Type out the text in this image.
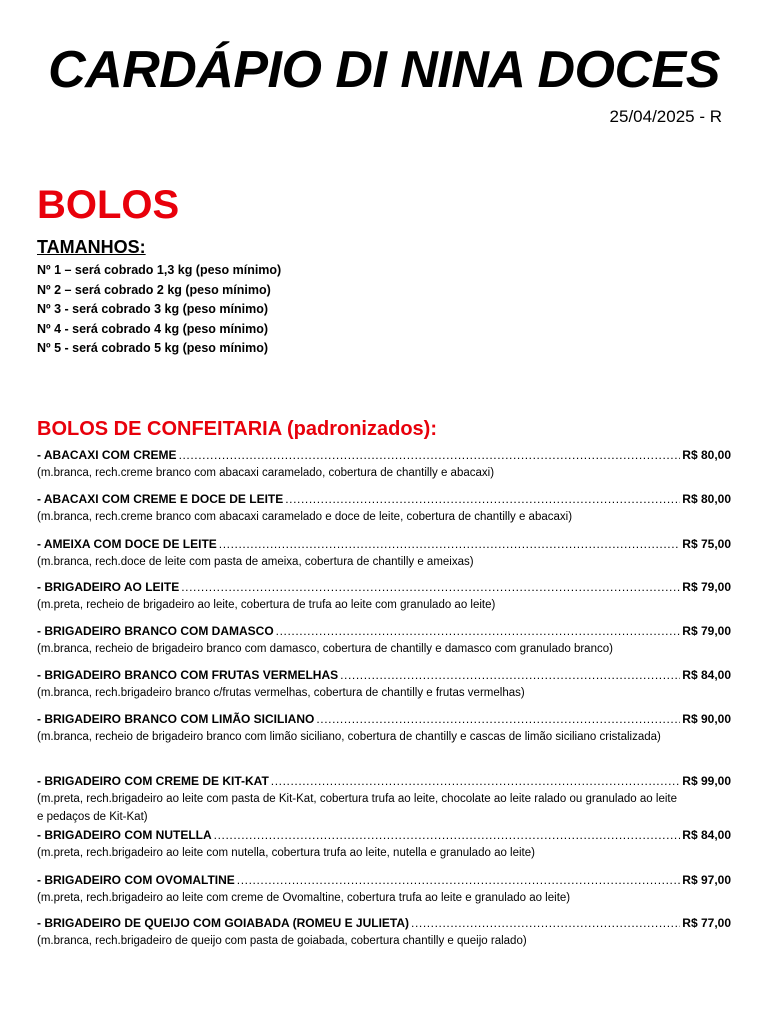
CARDÁPIO DI NINA DOCES
25/04/2025 - R
BOLOS
TAMANHOS:
Nº 1 – será cobrado 1,3 kg (peso mínimo)
Nº 2 – será cobrado 2 kg (peso mínimo)
Nº 3 - será cobrado 3 kg (peso mínimo)
Nº 4 - será cobrado 4 kg (peso mínimo)
Nº 5 - será cobrado 5 kg (peso mínimo)
BOLOS DE CONFEITARIA (padronizados):
- ABACAXI COM CREME .....	R$ 80,00
(m.branca, rech.creme branco com abacaxi caramelado, cobertura de chantilly e abacaxi)
- ABACAXI COM CREME E DOCE DE LEITE .....	R$ 80,00
(m.branca, rech.creme branco com abacaxi caramelado e doce de leite, cobertura de chantilly e abacaxi)
- AMEIXA COM DOCE DE LEITE .....	R$ 75,00
(m.branca, rech.doce de leite com pasta de ameixa, cobertura de chantilly e ameixas)
- BRIGADEIRO AO LEITE .....	R$ 79,00
(m.preta, recheio de brigadeiro ao leite, cobertura de trufa ao leite com granulado ao leite)
- BRIGADEIRO BRANCO COM DAMASCO .....	R$ 79,00
(m.branca, recheio de brigadeiro branco com damasco, cobertura de chantilly e damasco com granulado branco)
- BRIGADEIRO BRANCO COM FRUTAS VERMELHAS .....	R$ 84,00
(m.branca, rech.brigadeiro branco c/frutas vermelhas, cobertura de chantilly e frutas vermelhas)
- BRIGADEIRO BRANCO COM LIMÃO SICILIANO .....	R$ 90,00
(m.branca, recheio de brigadeiro branco com limão siciliano, cobertura de chantilly e cascas de limão siciliano cristalizada)
- BRIGADEIRO COM CREME DE KIT-KAT .....	R$ 99,00
(m.preta, rech.brigadeiro ao leite com pasta de Kit-Kat, cobertura trufa ao leite, chocolate ao leite ralado ou granulado ao leite e pedaços de Kit-Kat)
- BRIGADEIRO COM NUTELLA .....	R$ 84,00
(m.preta, rech.brigadeiro ao leite com nutella, cobertura trufa ao leite, nutella e granulado ao leite)
- BRIGADEIRO COM OVOMALTINE .....	R$ 97,00
(m.preta, rech.brigadeiro ao leite com creme de Ovomaltine, cobertura trufa ao leite e granulado ao leite)
- BRIGADEIRO DE QUEIJO COM GOIABADA (ROMEU E JULIETA) .....	R$ 77,00
(m.branca, rech.brigadeiro de queijo com pasta de goiabada, cobertura chantilly e queijo ralado)
